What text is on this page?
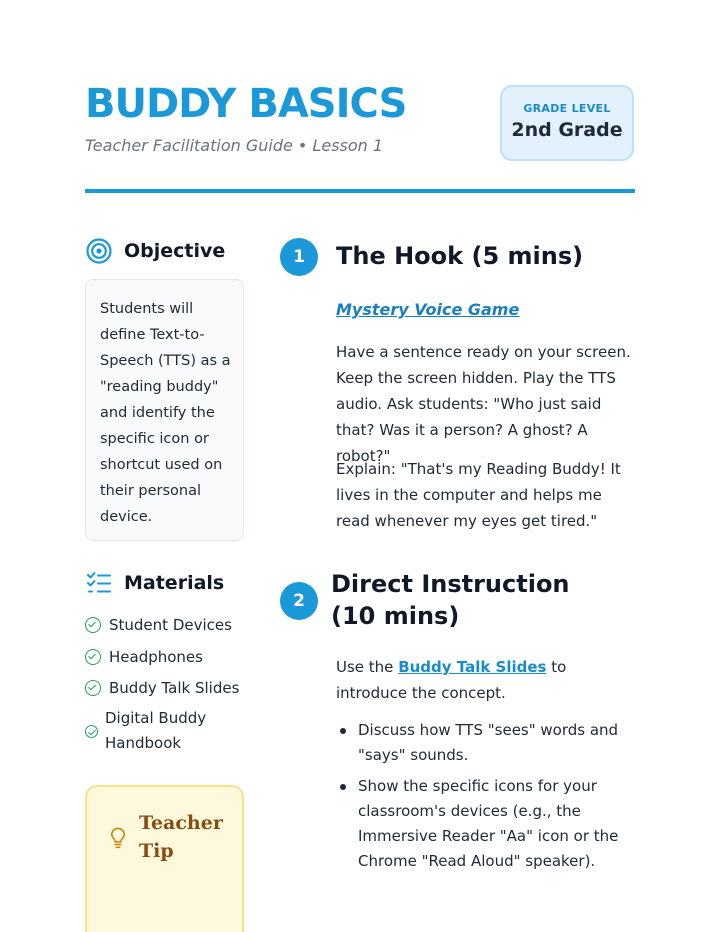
BUDDY BASICS
Teacher Facilitation Guide • Lesson 1
GRADE LEVEL
2nd Grade
Objective
Students will define Text-to-Speech (TTS) as a "reading buddy" and identify the specific icon or shortcut used on their personal device.
Materials
Student Devices
Headphones
Buddy Talk Slides
Digital Buddy Handbook
Teacher Tip
1	The Hook (5 mins)
Mystery Voice Game

Have a sentence ready on your screen. Keep the screen hidden. Play the TTS audio. Ask students: "Who just said that? Was it a person? A ghost? A robot?"

Explain: "That's my Reading Buddy! It lives in the computer and helps me read whenever my eyes get tired."

2
Direct Instruction (10 mins)

Use the Buddy Talk Slides to introduce the concept.

Discuss how TTS "sees" words and "says" sounds.
Show the specific icons for your classroom's devices (e.g., the Immersive Reader "Aa" icon or the Chrome "Read Aloud" speaker).
